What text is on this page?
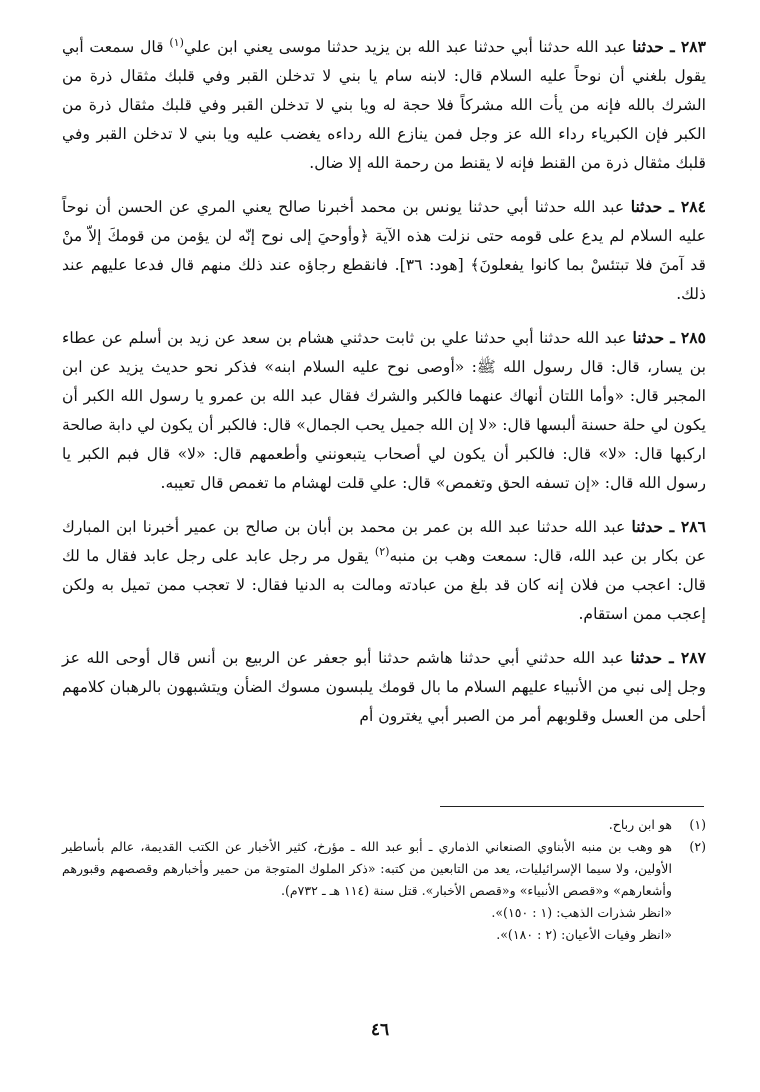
٢٨٣ ـ حدثنا عبد الله حدثنا أبي حدثنا عبد الله بن يزيد حدثنا موسى يعني ابن علي$^{(١)}$ قال سمعت أبي يقول بلغني أن نوحاً عليه السلام قال: لابنه سام يا بني لا تدخلن القبر وفي قلبك مثقال ذرة من الشرك بالله فإنه من يأت الله مشركاً فلا حجة له ويا بني لا تدخلن القبر وفي قلبك مثقال ذرة من الكبر فإن الكبرياء رداء الله عز وجل فمن ينازع الله رداءه يغضب عليه ويا بني لا تدخلن القبر وفي قلبك مثقال ذرة من القنط فإنه لا يقنط من رحمة الله إلا ضال.

٢٨٤ ـ حدثنا عبد الله حدثنا أبي حدثنا يونس بن محمد أخبرنا صالح يعني المري عن الحسن أن نوحاً عليه السلام لم يدع على قومه حتى نزلت هذه الآية ﴿وأوحيَ إلى نوح إنّه لن يؤمن من قومكَ إلاّ منْ قد آمنَ فلا تبتئسْ بما كانوا يفعلونَ﴾ [هود: ٣٦]. فانقطع رجاؤه عند ذلك منهم قال فدعا عليهم عند ذلك.

٢٨٥ ـ حدثنا عبد الله حدثنا أبي حدثنا علي بن ثابت حدثني هشام بن سعد عن زيد بن أسلم عن عطاء بن يسار، قال: قال رسول الله ﷺ: «أوصى نوح عليه السلام ابنه» فذكر نحو حديث يزيد عن ابن المجبر قال: «وأما اللتان أنهاك عنهما فالكبر والشرك فقال عبد الله بن عمرو يا رسول الله الكبر أن يكون لي حلة حسنة ألبسها قال: «لا إن الله جميل يحب الجمال» قال: فالكبر أن يكون لي دابة صالحة اركبها قال: «لا» قال: فالكبر أن يكون لي أصحاب يتبعونني وأطعمهم قال: «لا» قال فبم الكبر يا رسول الله قال: «إن تسفه الحق وتغمص» قال: علي قلت لهشام ما تغمص قال تعيبه.

٢٨٦ ـ حدثنا عبد الله حدثنا عبد الله بن عمر بن محمد بن أبان بن صالح بن عمير أخبرنا ابن المبارك عن بكار بن عبد الله، قال: سمعت وهب بن منبه$^{(٢)}$ يقول مر رجل عابد على رجل عابد فقال ما لك قال: اعجب من فلان إنه كان قد بلغ من عبادته ومالت به الدنيا فقال: لا تعجب ممن تميل به ولكن إعجب ممن استقام.

٢٨٧ ـ حدثنا عبد الله حدثني أبي حدثنا هاشم حدثنا أبو جعفر عن الربيع بن أنس قال أوحى الله عز وجل إلى نبي من الأنبياء عليهم السلام ما بال قومك يلبسون مسوك الضأن ويتشبهون بالرهبان كلامهم أحلى من العسل وقلوبهم أمر من الصبر أبي يغترون أم

(١)
هو ابن رباح.
(٢)
هو وهب بن منبه الأبناوي الصنعاني الذماري ـ أبو عبد الله ـ مؤرخ، كثير الأخبار عن الكتب القديمة، عالم بأساطير الأولين، ولا سيما الإسرائيليات، يعد من التابعين من كتبه: «ذكر الملوك المتوجة من حمير وأخبارهم وقصصهم وقبورهم وأشعارهم» و«قصص الأنبياء» و«قصص الأخبار». قتل سنة (١١٤ هـ ـ ٧٣٢م).
«انظر شذرات الذهب: (١ : ١٥٠)».
«انظر وفيات الأعيان: (٢ : ١٨٠)».
٤٦
